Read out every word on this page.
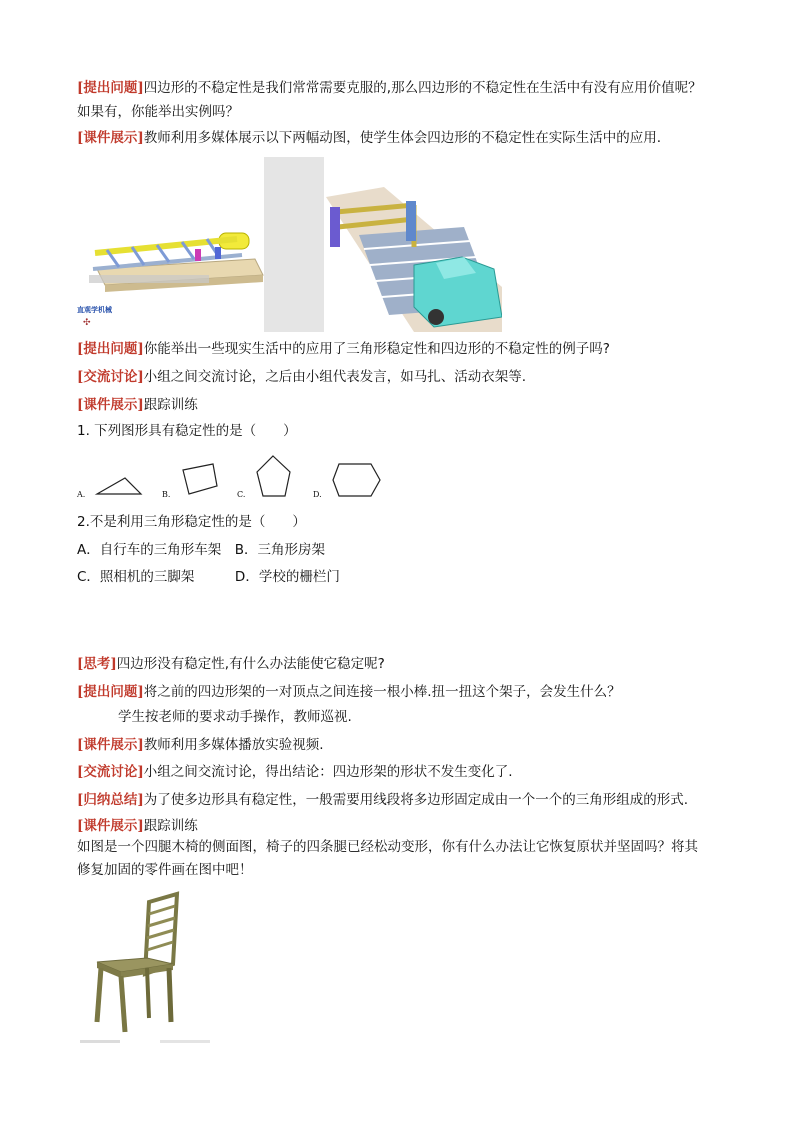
[提出问题]四边形的不稳定性是我们常常需要克服的,那么四边形的不稳定性在生活中有没有应用价值呢？
如果有，你能举出实例吗？
[课件展示]教师利用多媒体展示以下两幅动图，使学生体会四边形的不稳定性在实际生活中的应用.
直观学机械
✣
[提出问题]你能举出一些现实生活中的应用了三角形稳定性和四边形的不稳定性的例子吗?
[交流讨论]小组之间交流讨论，之后由小组代表发言，如马扎、活动衣架等.
[课件展示]跟踪训练
1. 下列图形具有稳定性的是（　　）
A.	B.	C.	D.
2.不是利用三角形稳定性的是（　　）
A．自行车的三角形车架　B．三角形房架
C．照相机的三脚架　　　D．学校的栅栏门
[思考]四边形没有稳定性,有什么办法能使它稳定呢?
[提出问题]将之前的四边形架的一对顶点之间连接一根小棒.扭一扭这个架子，会发生什么？
学生按老师的要求动手操作，教师巡视.
[课件展示]教师利用多媒体播放实验视频.
[交流讨论]小组之间交流讨论，得出结论：四边形架的形状不发生变化了.
[归纳总结]为了使多边形具有稳定性，一般需要用线段将多边形固定成由一个一个的三角形组成的形式.
[课件展示]跟踪训练
如图是一个四腿木椅的侧面图，椅子的四条腿已经松动变形，你有什么办法让它恢复原状并坚固吗？将其
修复加固的零件画在图中吧！
